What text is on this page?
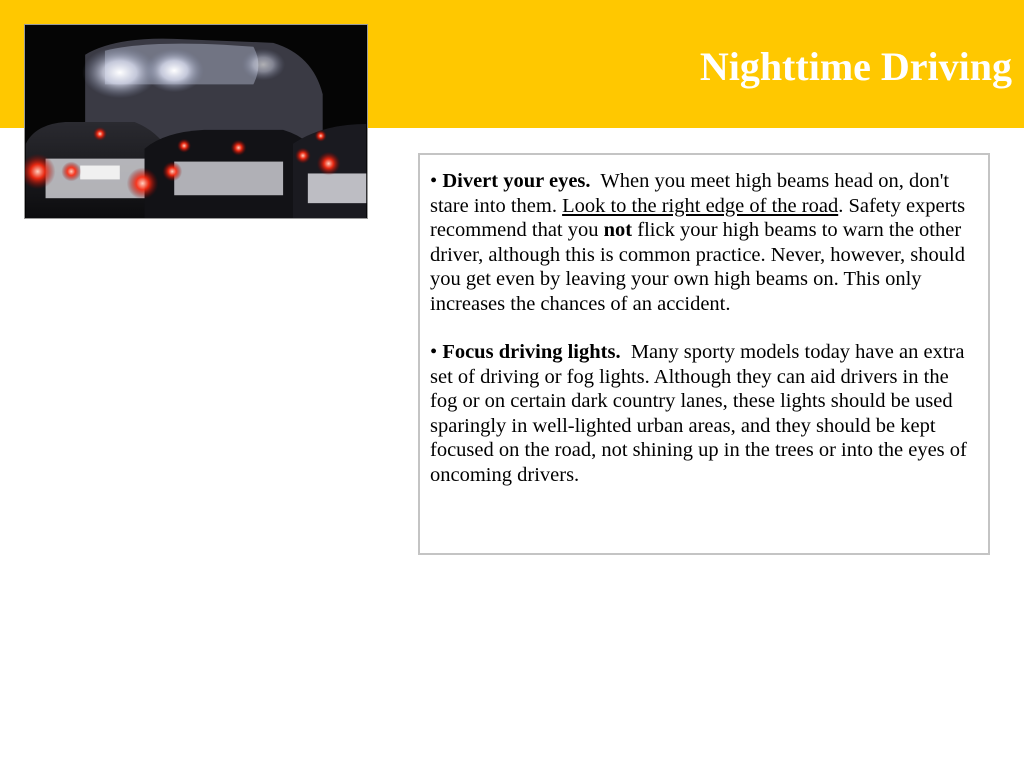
Nighttime Driving

• Divert your eyes. When you meet high beams head on, don't stare into them. Look to the right edge of the road. Safety experts recommend that you not flick your high beams to warn the other driver, although this is common practice. Never, however, should you get even by leaving your own high beams on. This only increases the chances of an accident.

• Focus driving lights. Many sporty models today have an extra set of driving or fog lights. Although they can aid drivers in the fog or on certain dark country lanes, these lights should be used sparingly in well-lighted urban areas, and they should be kept focused on the road, not shining up in the trees or into the eyes of oncoming drivers.
